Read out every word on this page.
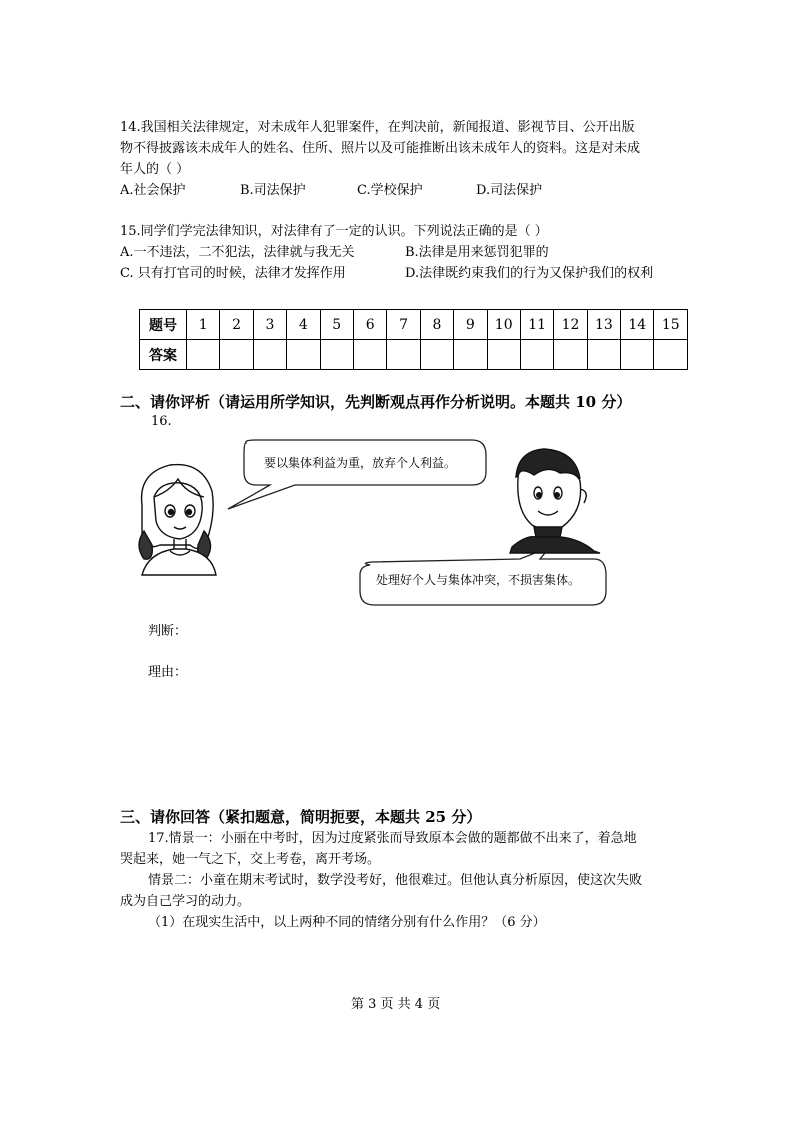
14.我国相关法律规定，对未成年人犯罪案件，在判决前，新闻报道、影视节目、公开出版
物不得披露该未成年人的姓名、住所、照片以及可能推断出该未成年人的资料。这是对未成
年人的（ ）
A.社会保护	B.司法保护	C.学校保护	D.司法保护
15.同学们学完法律知识，对法律有了一定的认识。下列说法正确的是（ ）
A.一不违法，二不犯法，法律就与我无关	B.法律是用来惩罚犯罪的
C. 只有打官司的时候，法律才发挥作用	D.法律既约束我们的行为又保护我们的权利
题号	1	2	3	4	5	6	7	8	9	10	11	12	13	14	15
答案															
二、请你评析（请运用所学知识，先判断观点再作分析说明。本题共 10 分）
16.
要以集体利益为重，放弃个人利益。
处理好个人与集体冲突，不损害集体。
判断：
理由：
三、请你回答（紧扣题意，简明扼要，本题共 25 分）
17.情景一：小丽在中考时，因为过度紧张而导致原本会做的题都做不出来了，着急地
哭起来，她一气之下，交上考卷，离开考场。
情景二：小童在期末考试时，数学没考好，他很难过。但他认真分析原因，使这次失败
成为自己学习的动力。
（1）在现实生活中，以上两种不同的情绪分别有什么作用？（6 分）
第 3 页 共 4 页
